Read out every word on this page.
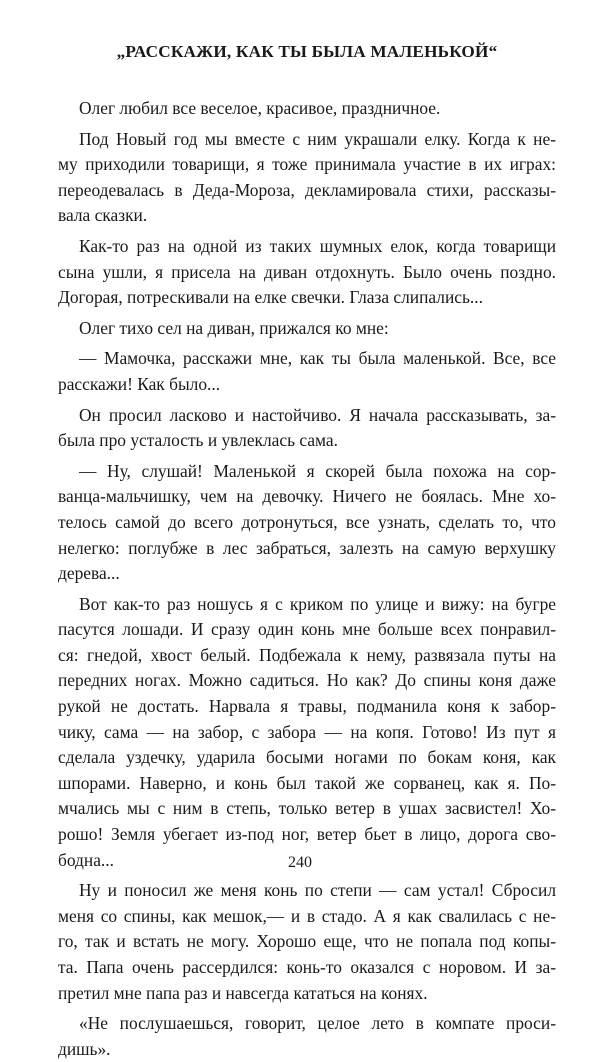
„РАССКАЖИ, КАК ТЫ БЫЛА МАЛЕНЬКОЙ“
Олег любил все веселое, красивое, праздничное.
Под Новый год мы вместе с ним украшали елку. Когда к не-
му приходили товарищи, я тоже принимала участие в их играх:
переодевалась в Деда-Мороза, декламировала стихи, рассказы-
вала сказки.
Как-то раз на одной из таких шумных елок, когда товарищи
сына ушли, я присела на диван отдохнуть. Было очень поздно.
Догорая, потрескивали на елке свечки. Глаза слипались...
Олег тихо сел на диван, прижался ко мне:
— Мамочка, расскажи мне, как ты была маленькой. Все, все
расскажи! Как было...
Он просил ласково и настойчиво. Я начала рассказывать, за-
была про усталость и увлеклась сама.
— Ну, слушай! Маленькой я скорей была похожа на сор-
ванца-мальчишку, чем на девочку. Ничего не боялась. Мне хо-
телось самой до всего дотронуться, все узнать, сделать то, что
нелегко: поглубже в лес забраться, залезть на самую верхушку
дерева...
Вот как-то раз ношусь я с криком по улице и вижу: на бугре
пасутся лошади. И сразу один конь мне больше всех понравил-
ся: гнедой, хвост белый. Подбежала к нему, развязала путы на
передних ногах. Можно садиться. Но как? До спины коня даже
рукой не достать. Нарвала я травы, подманила коня к забор-
чику, сама — на забор, с забора — на копя. Готово! Из пут я
сделала уздечку, ударила босыми ногами по бокам коня, как
шпорами. Наверно, и конь был такой же сорванец, как я. По-
мчались мы с ним в степь, только ветер в ушах засвистел! Хо-
рошо! Земля убегает из-под ног, ветер бьет в лицо, дорога сво-
бодна...
Ну и поносил же меня конь по степи — сам устал! Сбросил
меня со спины, как мешок,— и в стадо. А я как свалилась с не-
го, так и встать не могу. Хорошо еще, что не попала под копы-
та. Папа очень рассердился: конь-то оказался с норовом. И за-
претил мне папа раз и навсегда кататься на конях.
«Не послушаешься, говорит, целое лето в компате проси-
дишь».
240
